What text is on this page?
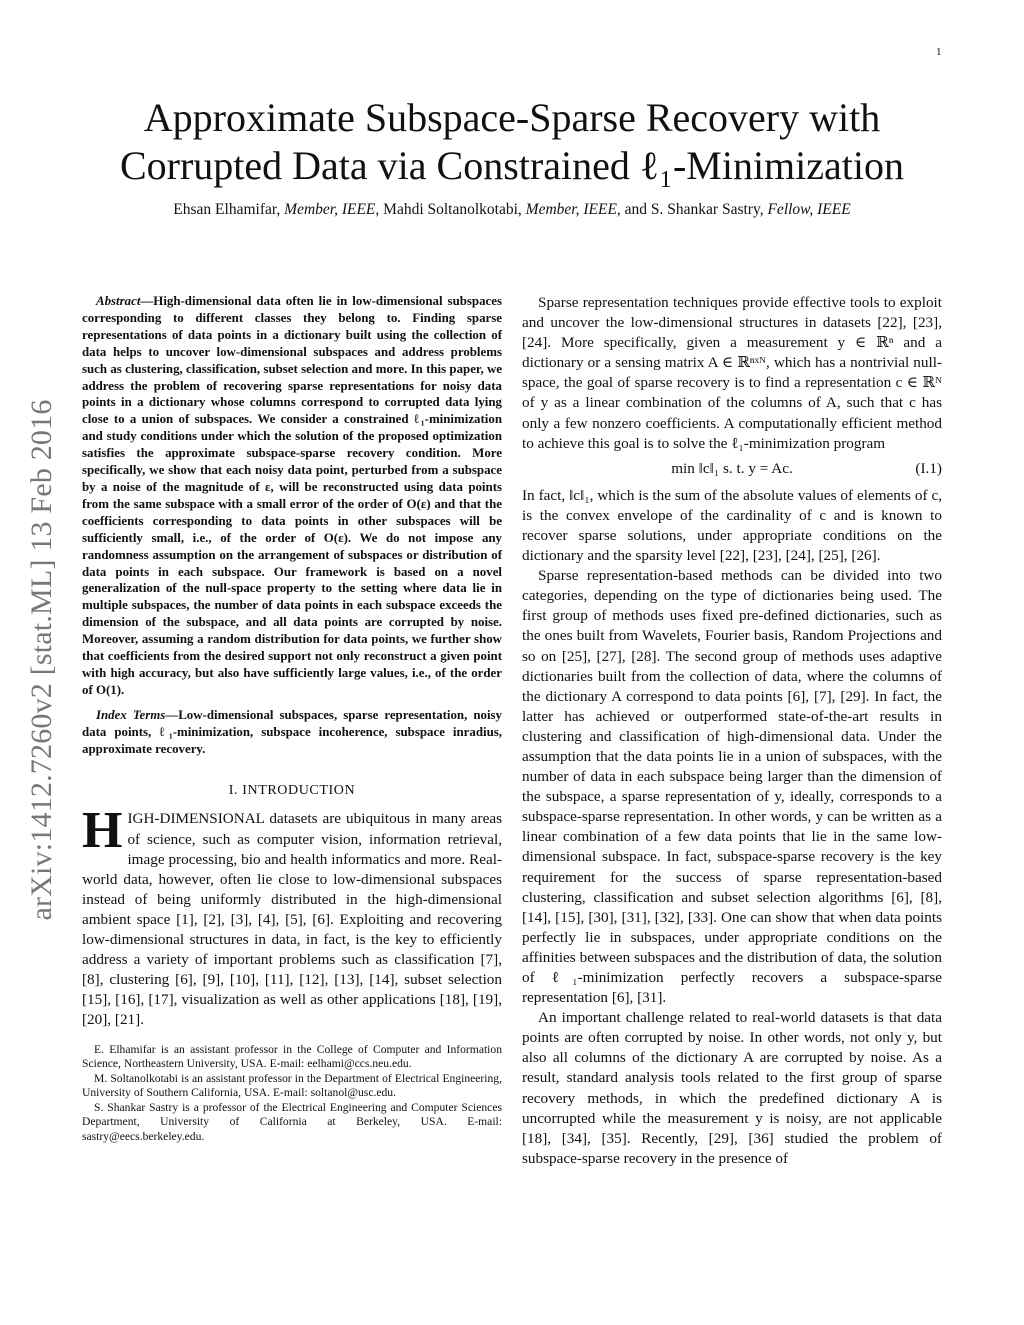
1
arXiv:1412.7260v2 [stat.ML] 13 Feb 2016
Approximate Subspace-Sparse Recovery with
Corrupted Data via Constrained ℓ₁-Minimization
Ehsan Elhamifar, Member, IEEE, Mahdi Soltanolkotabi, Member, IEEE, and S. Shankar Sastry, Fellow, IEEE

Abstract—High-dimensional data often lie in low-dimensional subspaces corresponding to different classes they belong to. Finding sparse representations of data points in a dictionary built using the collection of data helps to uncover low-dimensional subspaces and address problems such as clustering, classification, subset selection and more. In this paper, we address the problem of recovering sparse representations for noisy data points in a dictionary whose columns correspond to corrupted data lying close to a union of subspaces. We consider a constrained ℓ₁-minimization and study conditions under which the solution of the proposed optimization satisfies the approximate subspace-sparse recovery condition. More specifically, we show that each noisy data point, perturbed from a subspace by a noise of the magnitude of ε, will be reconstructed using data points from the same subspace with a small error of the order of O(ε) and that the coefficients corresponding to data points in other subspaces will be sufficiently small, i.e., of the order of O(ε). We do not impose any randomness assumption on the arrangement of subspaces or distribution of data points in each subspace. Our framework is based on a novel generalization of the null-space property to the setting where data lie in multiple subspaces, the number of data points in each subspace exceeds the dimension of the subspace, and all data points are corrupted by noise. Moreover, assuming a random distribution for data points, we further show that coefficients from the desired support not only reconstruct a given point with high accuracy, but also have sufficiently large values, i.e., of the order of O(1).

Index Terms—Low-dimensional subspaces, sparse representation, noisy data points, ℓ₁-minimization, subspace incoherence, subspace inradius, approximate recovery.

I. INTRODUCTION

HIGH-DIMENSIONAL datasets are ubiquitous in many areas of science, such as computer vision, information retrieval, image processing, bio and health informatics and more. Real-world data, however, often lie close to low-dimensional subspaces instead of being uniformly distributed in the high-dimensional ambient space [1], [2], [3], [4], [5], [6]. Exploiting and recovering low-dimensional structures in data, in fact, is the key to efficiently address a variety of important problems such as classification [7], [8], clustering [6], [9], [10], [11], [12], [13], [14], subset selection [15], [16], [17], visualization as well as other applications [18], [19], [20], [21].

E. Elhamifar is an assistant professor in the College of Computer and Information Science, Northeastern University, USA. E-mail: eelhami@ccs.neu.edu.

M. Soltanolkotabi is an assistant professor in the Department of Electrical Engineering, University of Southern California, USA. E-mail: soltanol@usc.edu.

S. Shankar Sastry is a professor of the Electrical Engineering and Computer Sciences Department, University of California at Berkeley, USA. E-mail: sastry@eecs.berkeley.edu.

Sparse representation techniques provide effective tools to exploit and uncover the low-dimensional structures in datasets [22], [23], [24]. More specifically, given a measurement y ∈ ℝⁿ and a dictionary or a sensing matrix A ∈ ℝⁿˣᴺ, which has a nontrivial null-space, the goal of sparse recovery is to find a representation c ∈ ℝᴺ of y as a linear combination of the columns of A, such that c has only a few nonzero coefficients. A computationally efficient method to achieve this goal is to solve the ℓ₁-minimization program

min ‖c‖₁ s. t. y = Ac.	(I.1)

In fact, ‖c‖₁, which is the sum of the absolute values of elements of c, is the convex envelope of the cardinality of c and is known to recover sparse solutions, under appropriate conditions on the dictionary and the sparsity level [22], [23], [24], [25], [26].

Sparse representation-based methods can be divided into two categories, depending on the type of dictionaries being used. The first group of methods uses fixed pre-defined dictionaries, such as the ones built from Wavelets, Fourier basis, Random Projections and so on [25], [27], [28]. The second group of methods uses adaptive dictionaries built from the collection of data, where the columns of the dictionary A correspond to data points [6], [7], [29]. In fact, the latter has achieved or outperformed state-of-the-art results in clustering and classification of high-dimensional data. Under the assumption that the data points lie in a union of subspaces, with the number of data in each subspace being larger than the dimension of the subspace, a sparse representation of y, ideally, corresponds to a subspace-sparse representation. In other words, y can be written as a linear combination of a few data points that lie in the same low-dimensional subspace. In fact, subspace-sparse recovery is the key requirement for the success of sparse representation-based clustering, classification and subset selection algorithms [6], [8], [14], [15], [30], [31], [32], [33]. One can show that when data points perfectly lie in subspaces, under appropriate conditions on the affinities between subspaces and the distribution of data, the solution of ℓ₁-minimization perfectly recovers a subspace-sparse representation [6], [31].

An important challenge related to real-world datasets is that data points are often corrupted by noise. In other words, not only y, but also all columns of the dictionary A are corrupted by noise. As a result, standard analysis tools related to the first group of sparse recovery methods, in which the predefined dictionary A is uncorrupted while the measurement y is noisy, are not applicable [18], [34], [35]. Recently, [29], [36] studied the problem of subspace-sparse recovery in the presence of
